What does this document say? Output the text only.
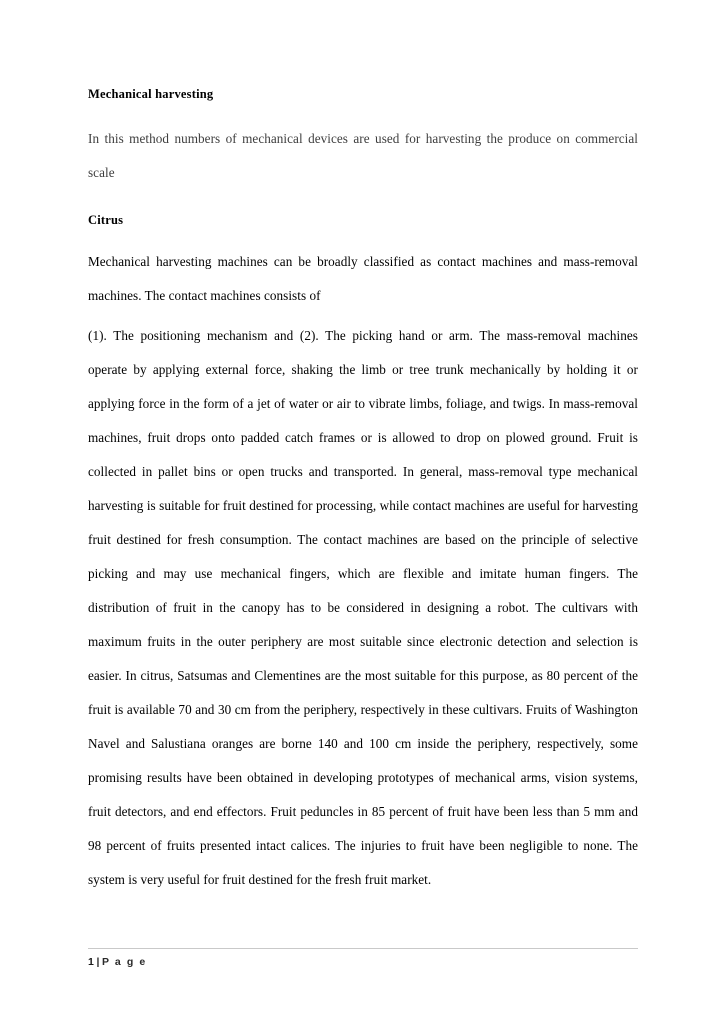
Mechanical harvesting

In this method numbers of mechanical devices are used for harvesting the produce on commercial scale

Citrus

Mechanical harvesting machines can be broadly classified as contact machines and mass-removal machines. The contact machines consists of

(1). The positioning mechanism and (2). The picking hand or arm. The mass-removal machines operate by applying external force, shaking the limb or tree trunk mechanically by holding it or applying force in the form of a jet of water or air to vibrate limbs, foliage, and twigs. In mass-removal machines, fruit drops onto padded catch frames or is allowed to drop on plowed ground. Fruit is collected in pallet bins or open trucks and transported. In general, mass-removal type mechanical harvesting is suitable for fruit destined for processing, while contact machines are useful for harvesting fruit destined for fresh consumption. The contact machines are based on the principle of selective picking and may use mechanical fingers, which are flexible and imitate human fingers. The distribution of fruit in the canopy has to be considered in designing a robot. The cultivars with maximum fruits in the outer periphery are most suitable since electronic detection and selection is easier. In citrus, Satsumas and Clementines are the most suitable for this purpose, as 80 percent of the fruit is available 70 and 30 cm from the periphery, respectively in these cultivars. Fruits of Washington Navel and Salustiana oranges are borne 140 and 100 cm inside the periphery, respectively, some promising results have been obtained in developing prototypes of mechanical arms, vision systems, fruit detectors, and end effectors. Fruit peduncles in 85 percent of fruit have been less than 5 mm and 98 percent of fruits presented intact calices. The injuries to fruit have been negligible to none. The system is very useful for fruit destined for the fresh fruit market.

1 | P a g e
